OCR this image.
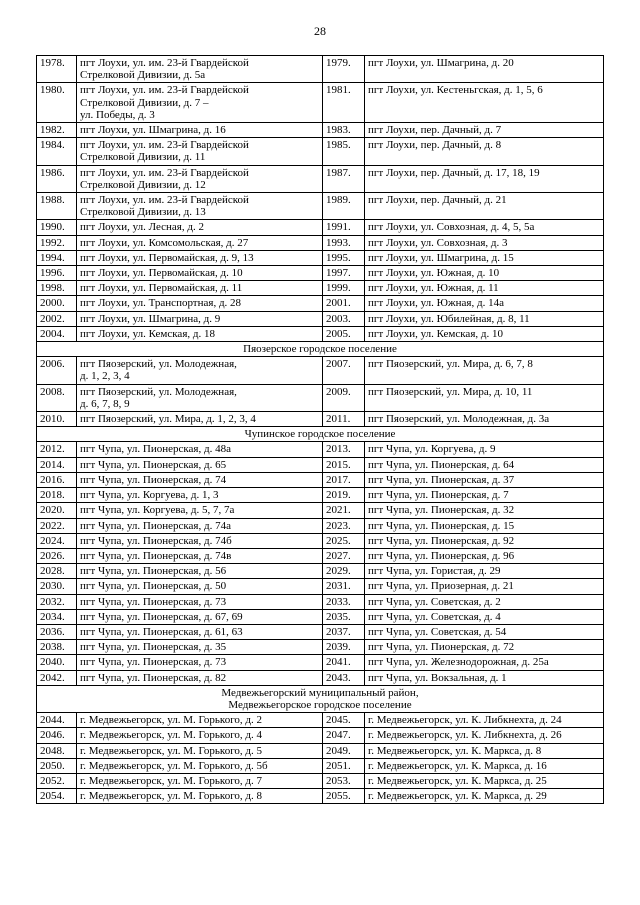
28
1978.	пгт Лоухи, ул. им. 23-й Гвардейской
Стрелковой Дивизии, д. 5а	1979.	пгт Лоухи, ул. Шмагрина, д. 20

1980.	пгт Лоухи, ул. им. 23-й Гвардейской
Стрелковой Дивизии, д. 7 –
ул. Победы, д. 3	1981.	пгт Лоухи, ул. Кестеньгская, д. 1, 5, 6

1982.	пгт Лоухи, ул. Шмагрина, д. 16	1983.	пгт Лоухи, пер. Дачный, д. 7

1984.	пгт Лоухи, ул. им. 23-й Гвардейской
Стрелковой Дивизии, д. 11	1985.	пгт Лоухи, пер. Дачный, д. 8

1986.	пгт Лоухи, ул. им. 23-й Гвардейской
Стрелковой Дивизии, д. 12	1987.	пгт Лоухи, пер. Дачный, д. 17, 18, 19

1988.	пгт Лоухи, ул. им. 23-й Гвардейской
Стрелковой Дивизии, д. 13	1989.	пгт Лоухи, пер. Дачный, д. 21

1990.	пгт Лоухи, ул. Лесная, д. 2	1991.	пгт Лоухи, ул. Совхозная, д. 4, 5, 5а

1992.	пгт Лоухи, ул. Комсомольская, д. 27	1993.	пгт Лоухи, ул. Совхозная, д. 3

1994.	пгт Лоухи, ул. Первомайская, д. 9, 13	1995.	пгт Лоухи, ул. Шмагрина, д. 15

1996.	пгт Лоухи, ул. Первомайская, д. 10	1997.	пгт Лоухи, ул. Южная, д. 10

1998.	пгт Лоухи, ул. Первомайская, д. 11	1999.	пгт Лоухи, ул. Южная, д. 11

2000.	пгт Лоухи, ул. Транспортная, д. 28	2001.	пгт Лоухи, ул. Южная, д. 14а

2002.	пгт Лоухи, ул. Шмагрина, д. 9	2003.	пгт Лоухи, ул. Юбилейная, д. 8, 11

2004.	пгт Лоухи, ул. Кемская, д. 18	2005.	пгт Лоухи, ул. Кемская, д. 10

Пяозерское городское поселение			

2006.	пгт Пяозерский, ул. Молодежная,
д. 1, 2, 3, 4	2007.	пгт Пяозерский, ул. Мира, д. 6, 7, 8

2008.	пгт Пяозерский, ул. Молодежная,
д. 6, 7, 8, 9	2009.	пгт Пяозерский, ул. Мира, д. 10, 11

2010.	пгт Пяозерский, ул. Мира, д. 1, 2, 3, 4	2011.	пгт Пяозерский, ул. Молодежная, д. 3а

Чупинское городское поселение			

2012.	пгт Чупа, ул. Пионерская, д. 48а	2013.	пгт Чупа, ул. Коргуева, д. 9

2014.	пгт Чупа, ул. Пионерская, д. 65	2015.	пгт Чупа, ул. Пионерская, д. 64

2016.	пгт Чупа, ул. Пионерская, д. 74	2017.	пгт Чупа, ул. Пионерская, д. 37

2018.	пгт Чупа, ул. Коргуева, д. 1, 3	2019.	пгт Чупа, ул. Пионерская, д. 7

2020.	пгт Чупа, ул. Коргуева, д. 5, 7, 7а	2021.	пгт Чупа, ул. Пионерская, д. 32

2022.	пгт Чупа, ул. Пионерская, д. 74а	2023.	пгт Чупа, ул. Пионерская, д. 15

2024.	пгт Чупа, ул. Пионерская, д. 74б	2025.	пгт Чупа, ул. Пионерская, д. 92

2026.	пгт Чупа, ул. Пионерская, д. 74в	2027.	пгт Чупа, ул. Пионерская, д. 96

2028.	пгт Чупа, ул. Пионерская, д. 56	2029.	пгт Чупа, ул. Гористая, д. 29

2030.	пгт Чупа, ул. Пионерская, д. 50	2031.	пгт Чупа, ул. Приозерная, д. 21

2032.	пгт Чупа, ул. Пионерская, д. 73	2033.	пгт Чупа, ул. Советская, д. 2

2034.	пгт Чупа, ул. Пионерская, д. 67, 69	2035.	пгт Чупа, ул. Советская, д. 4

2036.	пгт Чупа, ул. Пионерская, д. 61, 63	2037.	пгт Чупа, ул. Советская, д. 54

2038.	пгт Чупа, ул. Пионерская, д. 35	2039.	пгт Чупа, ул. Пионерская, д. 72

2040.	пгт Чупа, ул. Пионерская, д. 73	2041.	пгт Чупа, ул. Железнодорожная, д. 25а

2042.	пгт Чупа, ул. Пионерская, д. 82	2043.	пгт Чупа, ул. Вокзальная, д. 1

Медвежьегорский муниципальный район,
Медвежьегорское городское поселение			

2044.	г. Медвежьегорск, ул. М. Горького, д. 2	2045.	г. Медвежьегорск, ул. К. Либкнехта, д. 24

2046.	г. Медвежьегорск, ул. М. Горького, д. 4	2047.	г. Медвежьегорск, ул. К. Либкнехта, д. 26

2048.	г. Медвежьегорск, ул. М. Горького, д. 5	2049.	г. Медвежьегорск, ул. К. Маркса, д. 8

2050.	г. Медвежьегорск, ул. М. Горького, д. 5б	2051.	г. Медвежьегорск, ул. К. Маркса, д. 16

2052.	г. Медвежьегорск, ул. М. Горького, д. 7	2053.	г. Медвежьегорск, ул. К. Маркса, д. 25

2054.	г. Медвежьегорск, ул. М. Горького, д. 8	2055.	г. Медвежьегорск, ул. К. Маркса, д. 29
